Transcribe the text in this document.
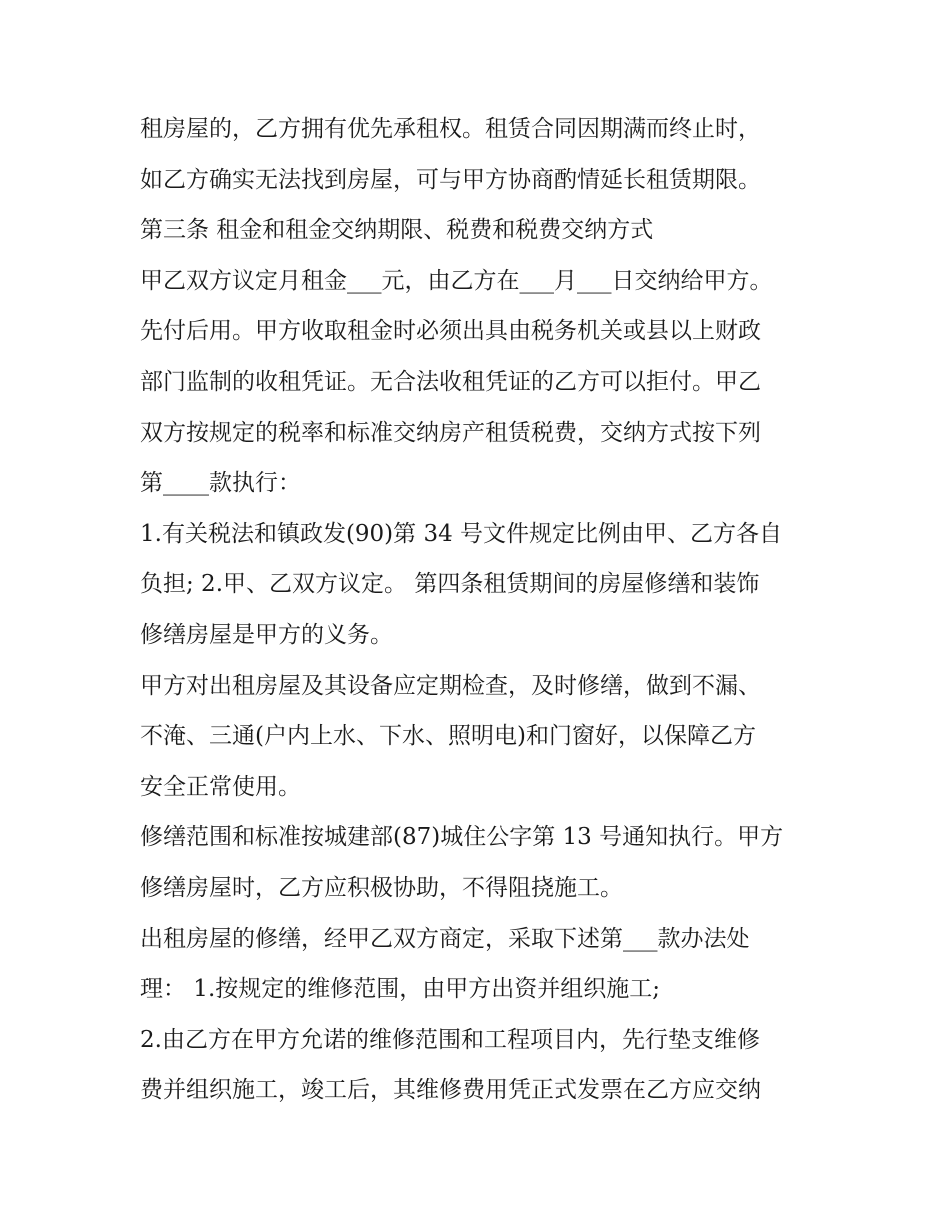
租房屋的，乙方拥有优先承租权。租赁合同因期满而终止时，
如乙方确实无法找到房屋，可与甲方协商酌情延长租赁期限。
第三条 租金和租金交纳期限、税费和税费交纳方式
甲乙双方议定月租金___元，由乙方在___月___日交纳给甲方。
先付后用。甲方收取租金时必须出具由税务机关或县以上财政
部门监制的收租凭证。无合法收租凭证的乙方可以拒付。甲乙
双方按规定的税率和标准交纳房产租赁税费，交纳方式按下列
第____款执行：
1.有关税法和镇政发(90)第 34 号文件规定比例由甲、乙方各自
负担; 2.甲、乙双方议定。 第四条租赁期间的房屋修缮和装饰
修缮房屋是甲方的义务。
甲方对出租房屋及其设备应定期检查，及时修缮，做到不漏、
不淹、三通(户内上水、下水、照明电)和门窗好，以保障乙方
安全正常使用。
修缮范围和标准按城建部(87)城住公字第 13 号通知执行。甲方
修缮房屋时，乙方应积极协助，不得阻挠施工。
出租房屋的修缮，经甲乙双方商定，采取下述第___款办法处
理： 1.按规定的维修范围，由甲方出资并组织施工;
2.由乙方在甲方允诺的维修范围和工程项目内，先行垫支维修
费并组织施工，竣工后，其维修费用凭正式发票在乙方应交纳
